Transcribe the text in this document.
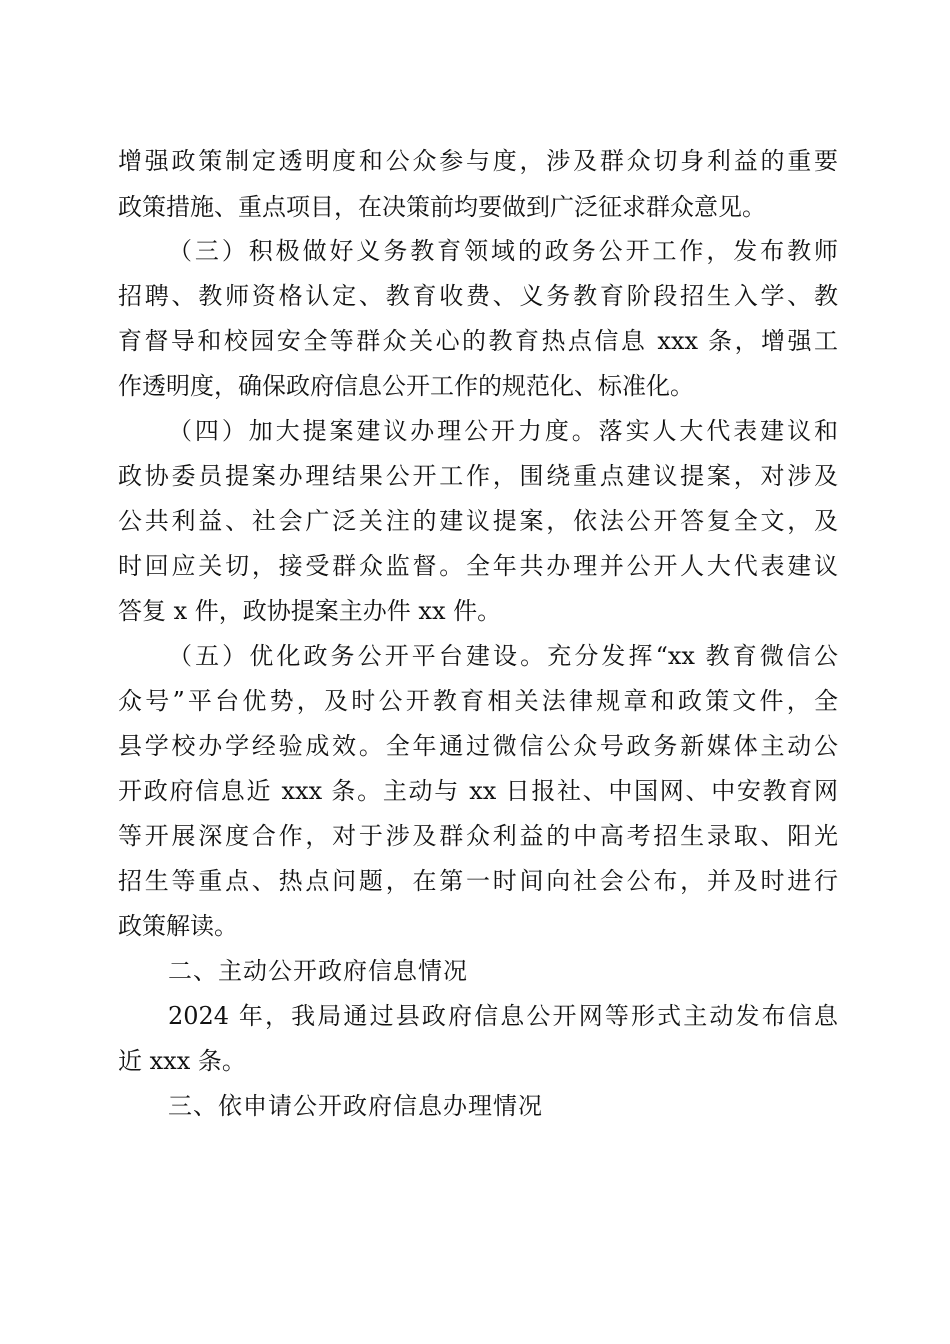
增强政策制定透明度和公众参与度，涉及群众切身利益的重要
政策措施、重点项目，在决策前均要做到广泛征求群众意见。
（三）积极做好义务教育领域的政务公开工作，发布教师
招聘、教师资格认定、教育收费、义务教育阶段招生入学、教
育督导和校园安全等群众关心的教育热点信息 xxx 条，增强工
作透明度，确保政府信息公开工作的规范化、标准化。
（四）加大提案建议办理公开力度。落实人大代表建议和
政协委员提案办理结果公开工作，围绕重点建议提案，对涉及
公共利益、社会广泛关注的建议提案，依法公开答复全文，及
时回应关切，接受群众监督。全年共办理并公开人大代表建议
答复 x 件，政协提案主办件 xx 件。
（五）优化政务公开平台建设。充分发挥“xx 教育微信公
众号”平台优势，及时公开教育相关法律规章和政策文件，全
县学校办学经验成效。全年通过微信公众号政务新媒体主动公
开政府信息近 xxx 条。主动与 xx 日报社、中国网、中安教育网
等开展深度合作，对于涉及群众利益的中高考招生录取、阳光
招生等重点、热点问题，在第一时间向社会公布，并及时进行
政策解读。
二、主动公开政府信息情况
2024 年，我局通过县政府信息公开网等形式主动发布信息
近 xxx 条。
三、依申请公开政府信息办理情况
